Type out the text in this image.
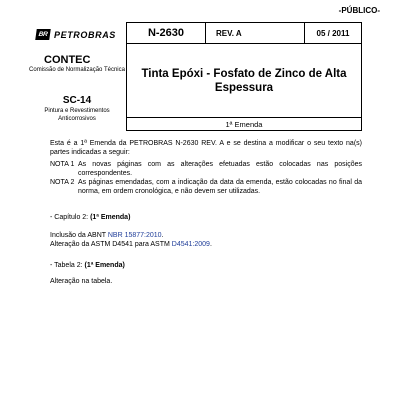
-PÚBLICO-
BR PETROBRAS	N-2630	REV. A	05 / 2011
Tinta Epóxi - Fosfato de Zinco de Alta Espessura
1ª Emenda
CONTEC
Comissão de Normalização Técnica
SC-14
Pintura e Revestimentos Anticorrosivos
Esta é a 1ª Emenda da PETROBRAS N-2630 REV. A e se destina a modificar o seu texto na(s) partes indicadas a seguir:
NOTA 1 As novas páginas com as alterações efetuadas estão colocadas nas posições correspondentes.
NOTA 2 As páginas emendadas, com a indicação da data da emenda, estão colocadas no final da norma, em ordem cronológica, e não devem ser utilizadas.
- Capítulo 2: (1ª Emenda)
Inclusão da ABNT NBR 15877:2010.
Alteração da ASTM D4541 para ASTM D4541:2009.
- Tabela 2: (1ª Emenda)
Alteração na tabela.
